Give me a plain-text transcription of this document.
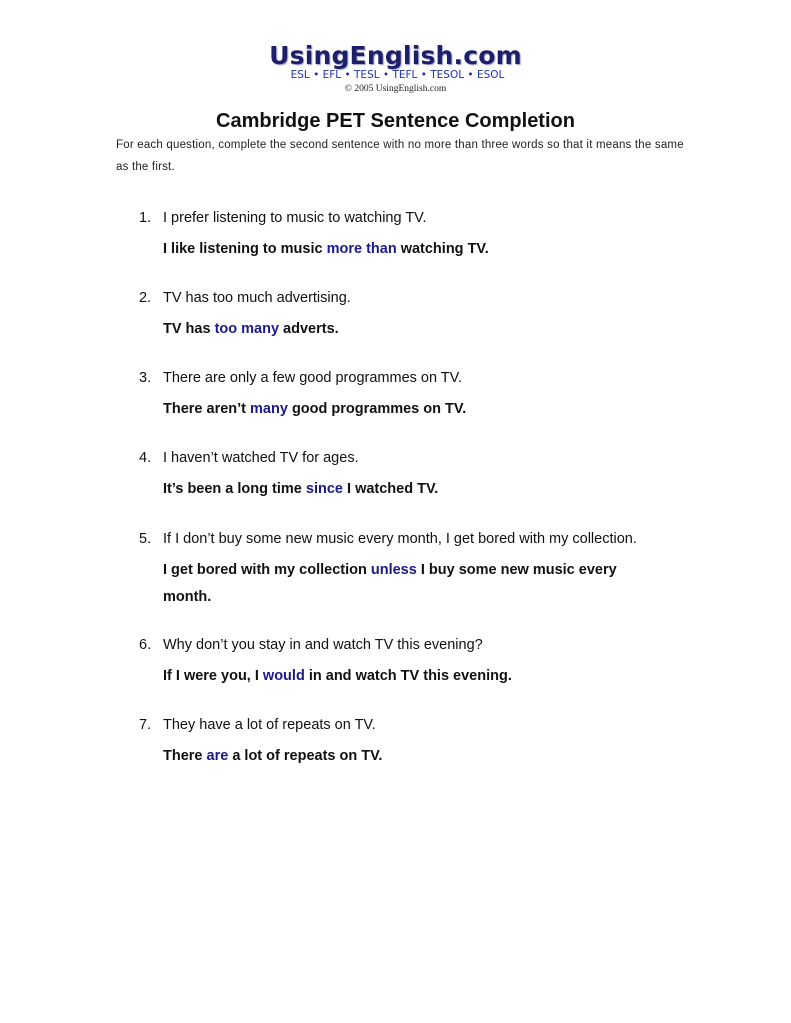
UsingEnglish.com
ESL • EFL • TESL • TEFL • TESOL • ESOL
© 2005 UsingEnglish.com
Cambridge PET Sentence Completion
For each question, complete the second sentence with no more than three words so that it means the same as the first.
1. I prefer listening to music to watching TV.
I like listening to music more than watching TV.
2. TV has too much advertising.
TV has too many adverts.
3. There are only a few good programmes on TV.
There aren’t many good programmes on TV.
4. I haven’t watched TV for ages.
It’s been a long time since I watched TV.
5. If I don’t buy some new music every month, I get bored with my collection.
I get bored with my collection unless I buy some new music every month.
6. Why don’t you stay in and watch TV this evening?
If I were you, I would in and watch TV this evening.
7. They have a lot of repeats on TV.
There are a lot of repeats on TV.
